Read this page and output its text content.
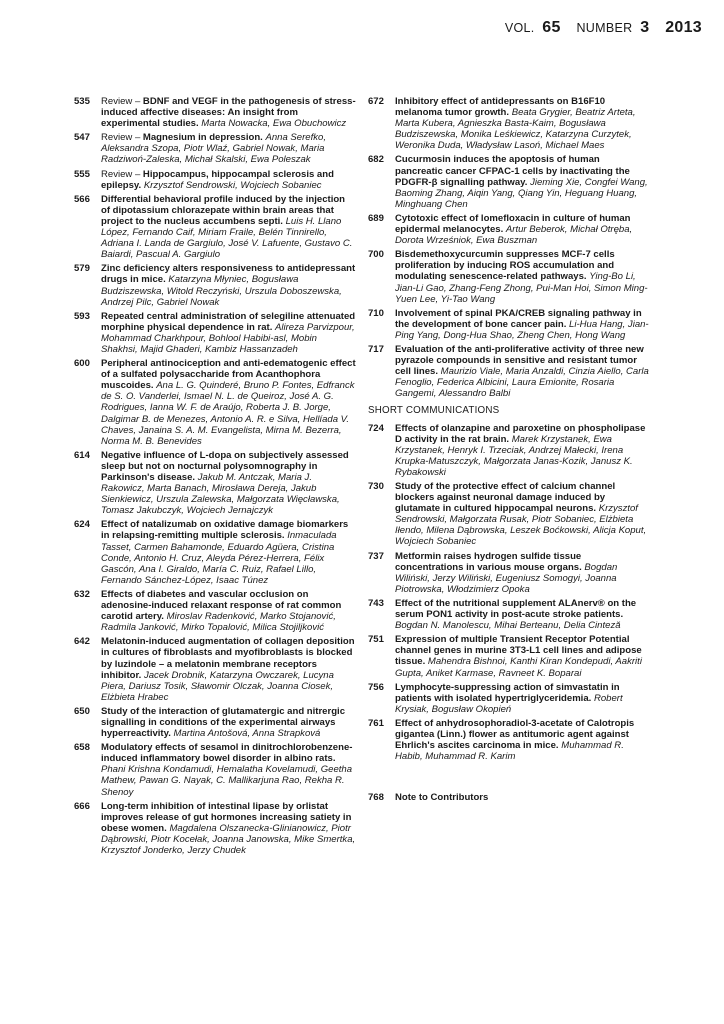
VOL. 65 NUMBER 3 2013
535 Review – BDNF and VEGF in the pathogenesis of stress-induced affective diseases: An insight from experimental studies. Marta Nowacka, Ewa Obuchowicz
547 Review – Magnesium in depression. Anna Serefko, Aleksandra Szopa, Piotr Wlaź, Gabriel Nowak, Maria Radziwoń-Zaleska, Michał Skalski, Ewa Poleszak
555 Review – Hippocampus, hippocampal sclerosis and epilepsy. Krzysztof Sendrowski, Wojciech Sobaniec
566 Differential behavioral profile induced by the injection of dipotassium chlorazepate within brain areas that project to the nucleus accumbens septi. Luis H. Llano López, Fernando Caif, Miriam Fraile, Belén Tinnirello, Adriana I. Landa de Gargiulo, José V. Lafuente, Gustavo C. Baiardi, Pascual A. Gargiulo
579 Zinc deficiency alters responsiveness to antidepressant drugs in mice. Katarzyna Młyniec, Bogusława Budziszewska, Witold Reczyński, Urszula Doboszewska, Andrzej Pilc, Gabriel Nowak
593 Repeated central administration of selegiline attenuated morphine physical dependence in rat. Alireza Parvizpour, Mohammad Charkhpour, Bohlool Habibi-asl, Mobin Shakhsi, Majid Ghaderi, Kambiz Hassanzadeh
600 Peripheral antinociception and anti-edematogenic effect of a sulfated polysaccharide from Acanthophora muscoides. Ana L. G. Quinderé, Bruno P. Fontes, Edfranck de S. O. Vanderlei, Ismael N. L. de Queiroz, José A. G. Rodrigues, Ianna W. F. de Araújo, Roberta J. B. Jorge, Dalgimar B. de Menezes, Antonio A. R. e Silva, Hellíada V. Chaves, Janaina S. A. M. Evangelista, Mirna M. Bezerra, Norma M. B. Benevides
614 Negative influence of L-dopa on subjectively assessed sleep but not on nocturnal polysomnography in Parkinson's disease. Jakub M. Antczak, Maria J. Rakowicz, Marta Banach, Mirosława Dereja, Jakub Sienkiewicz, Urszula Zalewska, Małgorzata Więcławska, Tomasz Jakubczyk, Wojciech Jernajczyk
624 Effect of natalizumab on oxidative damage biomarkers in relapsing-remitting multiple sclerosis. Inmaculada Tasset, Carmen Bahamonde, Eduardo Agüera, Cristina Conde, Antonio H. Cruz, Aleyda Pérez-Herrera, Félix Gascón, Ana I. Giraldo, María C. Ruiz, Rafael Lillo, Fernando Sánchez-López, Isaac Túnez
632 Effects of diabetes and vascular occlusion on adenosine-induced relaxant response of rat common carotid artery. Miroslav Radenković, Marko Stojanović, Radmila Janković, Mirko Topalović, Milica Stojiljković
642 Melatonin-induced augmentation of collagen deposition in cultures of fibroblasts and myofibroblasts is blocked by luzindole – a melatonin membrane receptors inhibitor. Jacek Drobnik, Katarzyna Owczarek, Lucyna Piera, Dariusz Tosik, Sławomir Olczak, Joanna Ciosek, Elżbieta Hrabec
650 Study of the interaction of glutamatergic and nitrergic signalling in conditions of the experimental airways hyperreactivity. Martina Antošová, Anna Strapková
658 Modulatory effects of sesamol in dinitrochlorobenzene-induced inflammatory bowel disorder in albino rats. Phani Krishna Kondamudi, Hemalatha Kovelamudi, Geetha Mathew, Pawan G. Nayak, C. Mallikarjuna Rao, Rekha R. Shenoy
666 Long-term inhibition of intestinal lipase by orlistat improves release of gut hormones increasing satiety in obese women. Magdalena Olszanecka-Glinianowicz, Piotr Dąbrowski, Piotr Kocełak, Joanna Janowska, Mike Smertka, Krzysztof Jonderko, Jerzy Chudek
672 Inhibitory effect of antidepressants on B16F10 melanoma tumor growth. Beata Grygier, Beatriz Arteta, Marta Kubera, Agnieszka Basta-Kaim, Bogusława Budziszewska, Monika Leśkiewicz, Katarzyna Curzytek, Weronika Duda, Władysław Lasoń, Michael Maes
682 Cucurmosin induces the apoptosis of human pancreatic cancer CFPAC-1 cells by inactivating the PDGFR-β signalling pathway. Jieming Xie, Congfei Wang, Baoming Zhang, Aiqin Yang, Qiang Yin, Heguang Huang, Minghuang Chen
689 Cytotoxic effect of lomefloxacin in culture of human epidermal melanocytes. Artur Beberok, Michał Otręba, Dorota Wrześniok, Ewa Buszman
700 Bisdemethoxycurcumin suppresses MCF-7 cells proliferation by inducing ROS accumulation and modulating senescence-related pathways. Ying-Bo Li, Jian-Li Gao, Zhang-Feng Zhong, Pui-Man Hoi, Simon Ming-Yuen Lee, Yi-Tao Wang
710 Involvement of spinal PKA/CREB signaling pathway in the development of bone cancer pain. Li-Hua Hang, Jian-Ping Yang, Dong-Hua Shao, Zheng Chen, Hong Wang
717 Evaluation of the anti-proliferative activity of three new pyrazole compounds in sensitive and resistant tumor cell lines. Maurizio Viale, Maria Anzaldi, Cinzia Aiello, Carla Fenoglio, Federica Albicini, Laura Emionite, Rosaria Gangemi, Alessandro Balbi
SHORT COMMUNICATIONS
724 Effects of olanzapine and paroxetine on phospholipase D activity in the rat brain. Marek Krzystanek, Ewa Krzystanek, Henryk I. Trzeciak, Andrzej Małecki, Irena Krupka-Matuszczyk, Małgorzata Janas-Kozik, Janusz K. Rybakowski
730 Study of the protective effect of calcium channel blockers against neuronal damage induced by glutamate in cultured hippocampal neurons. Krzysztof Sendrowski, Małgorzata Rusak, Piotr Sobaniec, Elżbieta Iłendo, Milena Dąbrowska, Leszek Boćkowski, Alicja Koput, Wojciech Sobaniec
737 Metformin raises hydrogen sulfide tissue concentrations in various mouse organs. Bogdan Wiliński, Jerzy Wiliński, Eugeniusz Somogyi, Joanna Piotrowska, Włodzimierz Opoka
743 Effect of the nutritional supplement ALAnerv® on the serum PON1 activity in post-acute stroke patients. Bogdan N. Manolescu, Mihai Berteanu, Delia Cinteză
751 Expression of multiple Transient Receptor Potential channel genes in murine 3T3-L1 cell lines and adipose tissue. Mahendra Bishnoi, Kanthi Kiran Kondepudi, Aakriti Gupta, Aniket Karmase, Ravneet K. Boparai
756 Lymphocyte-suppressing action of simvastatin in patients with isolated hypertriglyceridemia. Robert Krysiak, Bogusław Okopień
761 Effect of anhydrosophoradiol-3-acetate of Calotropis gigantea (Linn.) flower as antitumoric agent against Ehrlich's ascites carcinoma in mice. Muhammad R. Habib, Muhammad R. Karim
768 Note to Contributors
